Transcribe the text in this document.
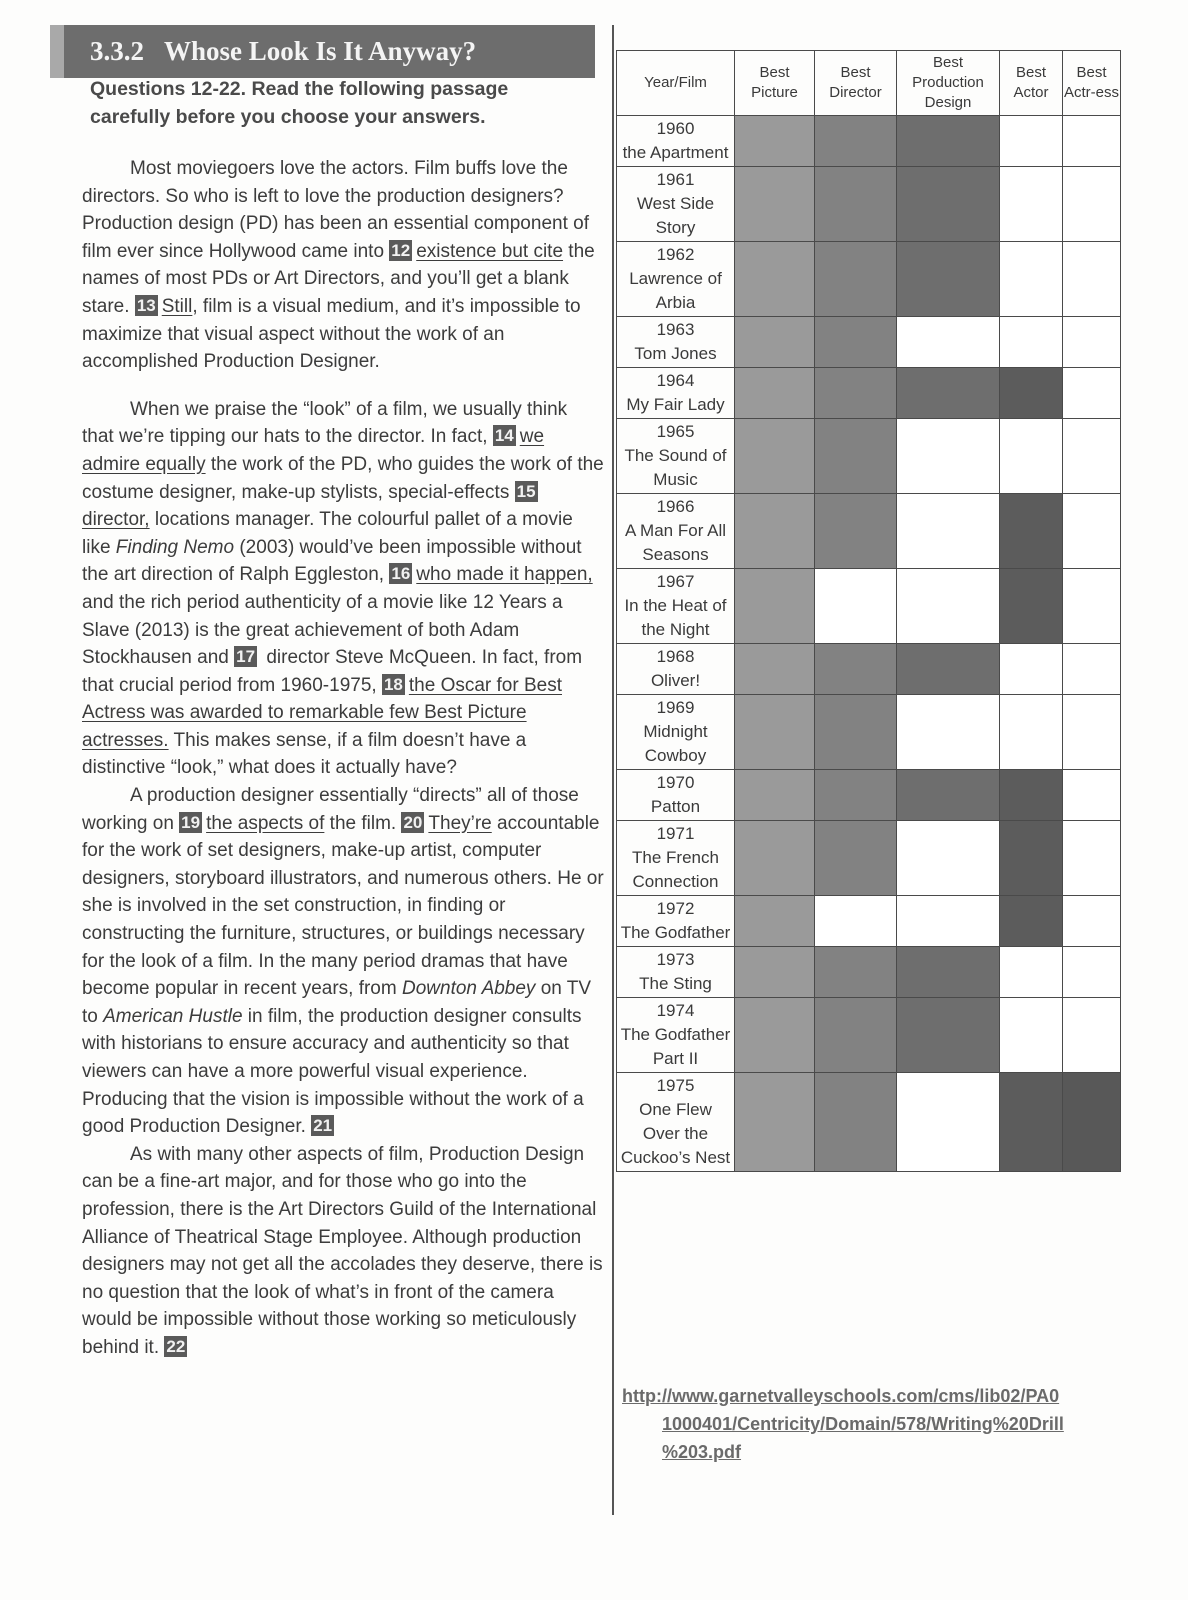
3.3.2 Whose Look Is It Anyway?
Questions 12-22. Read the following passage carefully before you choose your answers.

Most moviegoers love the actors. Film buffs love the directors. So who is left to love the production designers? Production design (PD) has been an essential component of film ever since Hollywood came into 12 existence but cite the names of most PDs or Art Directors, and you’ll get a blank stare. 13 Still, film is a visual medium, and it’s impossible to maximize that visual aspect without the work of an accomplished Production Designer.

When we praise the “look” of a film, we usually think that we’re tipping our hats to the director. In fact, 14 we admire equally the work of the PD, who guides the work of the costume designer, make-up stylists, special-effects 15director, locations manager. The colourful pallet of a movie like Finding Nemo (2003) would’ve been impossible without the art direction of Ralph Eggleston, 16 who made it happen, and the rich period authenticity of a movie like 12 Years a Slave (2013) is the great achievement of both Adam Stockhausen and 17 director Steve McQueen. In fact, from that crucial period from 1960-1975, 18 the Oscar for Best Actress was awarded to remarkable few Best Picture actresses. This makes sense, if a film doesn’t have a distinctive “look,” what does it actually have?

A production designer essentially “directs” all of those working on 19 the aspects of the film. 20 They’re accountable for the work of set designers, make-up artist, computer designers, storyboard illustrators, and numerous others. He or she is involved in the set construction, in finding or constructing the furniture, structures, or buildings necessary for the look of a film. In the many period dramas that have become popular in recent years, from Downton Abbey on TV to American Hustle in film, the production designer consults with historians to ensure accuracy and authenticity so that viewers can have a more powerful visual experience. Producing that the vision is impossible without the work of a good Production Designer. 21

As with many other aspects of film, Production Design can be a fine-art major, and for those who go into the profession, there is the Art Directors Guild of the International Alliance of Theatrical Stage Employee. Although production designers may not get all the accolades they deserve, there is no question that the look of what’s in front of the camera would be impossible without those working so meticulously behind it. 22

Year/Film	Best Picture	Best Director	Best Production Design	Best Actor	Best Actr-ess

1960
the Apartment					

1961
West Side Story					

1962
Lawrence of Arbia					

1963
Tom Jones					

1964
My Fair Lady					

1965
The Sound of Music					

1966
A Man For All Seasons					

1967
In the Heat of the Night					

1968
Oliver!					

1969
Midnight Cowboy					

1970
Patton					

1971
The French Connection					

1972
The Godfather					

1973
The Sting					

1974
The Godfather Part II					

1975
One Flew Over the Cuckoo’s Nest					

http://www.garnetvalleyschools.com/cms/lib02/PA0
1000401/Centricity/Domain/578/Writing%20Drill
%203.pdf
